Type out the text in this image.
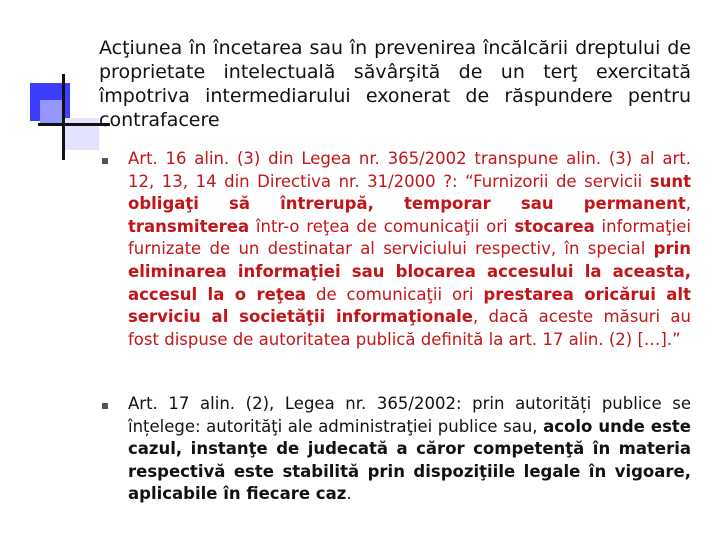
Acţiunea în încetarea sau în prevenirea încălcării dreptului de proprietate intelectuală săvârşită de un terţ exercitată împotriva intermediarului exonerat de răspundere pentru contrafacere
Art. 16 alin. (3) din Legea nr. 365/2002 transpune alin. (3) al art. 12, 13, 14 din Directiva nr. 31/2000 ?: “Furnizorii de servicii sunt obligaţi să întrerupă, temporar sau permanent, transmiterea într-o reţea de comunicaţii ori stocarea informaţiei furnizate de un destinatar al serviciului respectiv, în special prin eliminarea informaţiei sau blocarea accesului la aceasta, accesul la o reţea de comunicaţii ori prestarea oricărui alt serviciu al societăţii informaţionale, dacă aceste măsuri au fost dispuse de autoritatea publică definită la art. 17 alin. (2) […].”
Art. 17 alin. (2), Legea nr. 365/2002: prin autorități publice se înțelege: autorităţi ale administraţiei publice sau, acolo unde este cazul, instanţe de judecată a căror competenţă în materia respectivă este stabilită prin dispoziţiile legale în vigoare, aplicabile în fiecare caz.
